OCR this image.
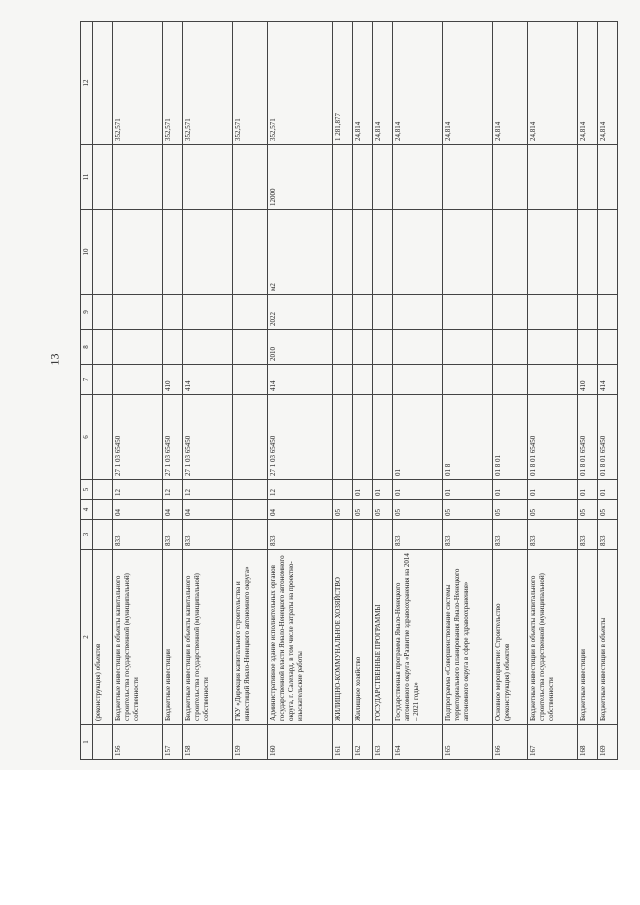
13
1	2	3	4	5	6	7	8	9	10	11	12
	(реконструкция) объектов										
156	Бюджетные инвестиции в объекты капитального строительства государственной (муниципальной) собственности	833	04	12	27 1 03 65450						352,571
157	Бюджетные инвестиции	833	04	12	27 1 03 65450	410					352,571
158	Бюджетные инвестиции в объекты капитального строительства государственной (муниципальной) собственности	833	04	12	27 1 03 65450	414					352,571
159	ГКУ «Дирекция капитального строительства и инвестиций Ямало-Ненецкого автономного округа»										352,571
160	Административное здание исполнительных органов государственной власти Ямало-Ненецкого автономного округа, г. Салехард, в том числе затраты на проектно-изыскательские работы	833	04	12	27 1 03 65450	414	2010	2022	м2	12000	352,571
161	ЖИЛИЩНО-КОММУНАЛЬНОЕ ХОЗЯЙСТВО		05								1 281,877
162	Жилищное хозяйство		05	01							24,814
163	ГОСУДАРСТВЕННЫЕ ПРОГРАММЫ		05	01							24,814
164	Государственная программа Ямало-Ненецкого автономного округа «Развитие здравоохранения на 2014 – 2021 годы»	833	05	01	01						24,814
165	Подпрограмма «Совершенствование системы территориального планирования Ямало-Ненецкого автономного округа в сфере здравоохранения»	833	05	01	01 8						24,814
166	Основное мероприятие: Строительство (реконструкция) объектов	833	05	01	01 8 01						24,814
167	Бюджетные инвестиции в объекты капитального строительства государственной (муниципальной) собственности	833	05	01	01 8 01 65450						24,814
168	Бюджетные инвестиции	833	05	01	01 8 01 65450	410					24,814
169	Бюджетные инвестиции в объекты	833	05	01	01 8 01 65450	414					24,814
